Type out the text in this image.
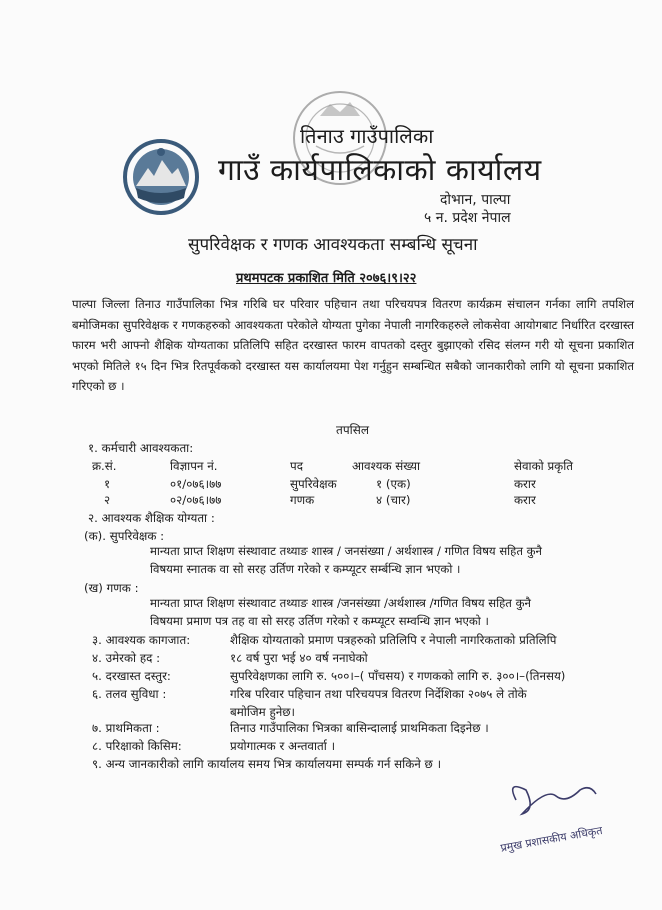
तिनाउ गाउँपालिका
गाउँ कार्यपालिकाको कार्यालय
दोभान, पाल्पा
५ न. प्रदेश नेपाल
सुपरिवेक्षक र गणक आवश्यकता सम्बन्धि सूचना
प्रथमपटक प्रकाशित मिति २०७६।९।२२
पाल्पा जिल्ला तिनाउ गाउँपालिका भित्र गरिबि घर परिवार पहिचान तथा परिचयपत्र वितरण कार्यक्रम संचालन गर्नका लागि तपशिल बमोजिमका सुपरिवेक्षक र गणकहरुको आवश्यकता परेकोले योग्यता पुगेका नेपाली नागरिकहरुले लोकसेवा आयोगबाट निर्धारित दरखास्त फारम भरी आफ्नो शैक्षिक योग्यताका प्रतिलिपि सहित दरखास्त फारम वापतको दस्तुर बुझाएको रसिद संलग्न गरी यो सूचना प्रकाशित भएको मितिले १५ दिन भित्र रितपूर्वकको दरखास्त यस कार्यालयमा पेश गर्नुहुन सम्बन्धित सबैको जानकारीको लागि यो सूचना प्रकाशित गरिएको छ ।
तपसिल
१. कर्मचारी आवश्यकता:
क्र.सं.	विज्ञापन नं.	पद	आवश्यक संख्या	सेवाको प्रकृति
१	०१/०७६।७७	सुपरिवेक्षक	१ (एक)	करार
२	०२/०७६।७७	गणक	४ (चार)	करार
२. आवश्यक शैक्षिक योग्यता :
(क). सुपरिवेक्षक :
मान्यता प्राप्त शिक्षण संस्थावाट तथ्याङ शास्त्र / जनसंख्या / अर्थशास्त्र / गणित विषय सहित कुनै
विषयमा स्नातक वा सो सरह उर्तिण गरेको र कम्प्यूटर सर्म्बन्धि ज्ञान भएको ।
(ख) गणक :
मान्यता प्राप्त शिक्षण संस्थावाट तथ्याङ शास्त्र /जनसंख्या /अर्थशास्त्र /गणित विषय सहित कुनै
विषयमा प्रमाण पत्र तह वा सो सरह उर्तिण गरेको र कम्प्यूटर सम्वन्धि ज्ञान भएको ।
३. आवश्यक कागजात:	शैक्षिक योग्यताको प्रमाण पत्रहरुको प्रतिलिपि र नेपाली नागरिकताको प्रतिलिपि
४. उमेरको हद :	१८ वर्ष पुरा भई ४० वर्ष ननाघेको
५. दरखास्त दस्तुर:	सुपरिवेक्षणका लागि रु. ५००।–( पाँचसय) र गणकको लागि रु. ३००।–(तिनसय)
६. तलव सुविधा :	गरिब परिवार पहिचान तथा परिचयपत्र वितरण निर्देशिका २०७५ ले तोके
बमोजिम हुनेछ।
७. प्राथमिकता :	तिनाउ गाउँपालिका भित्रका बासिन्दालाई प्राथमिकता दिइनेछ ।
८. परिक्षाको किसिम:	प्रयोगात्मक र अन्तवार्ता ।
९. अन्य जानकारीको लागि कार्यालय समय भित्र कार्यालयमा सम्पर्क गर्न सकिने छ ।
प्रमुख प्रशासकीय अधिकृत
